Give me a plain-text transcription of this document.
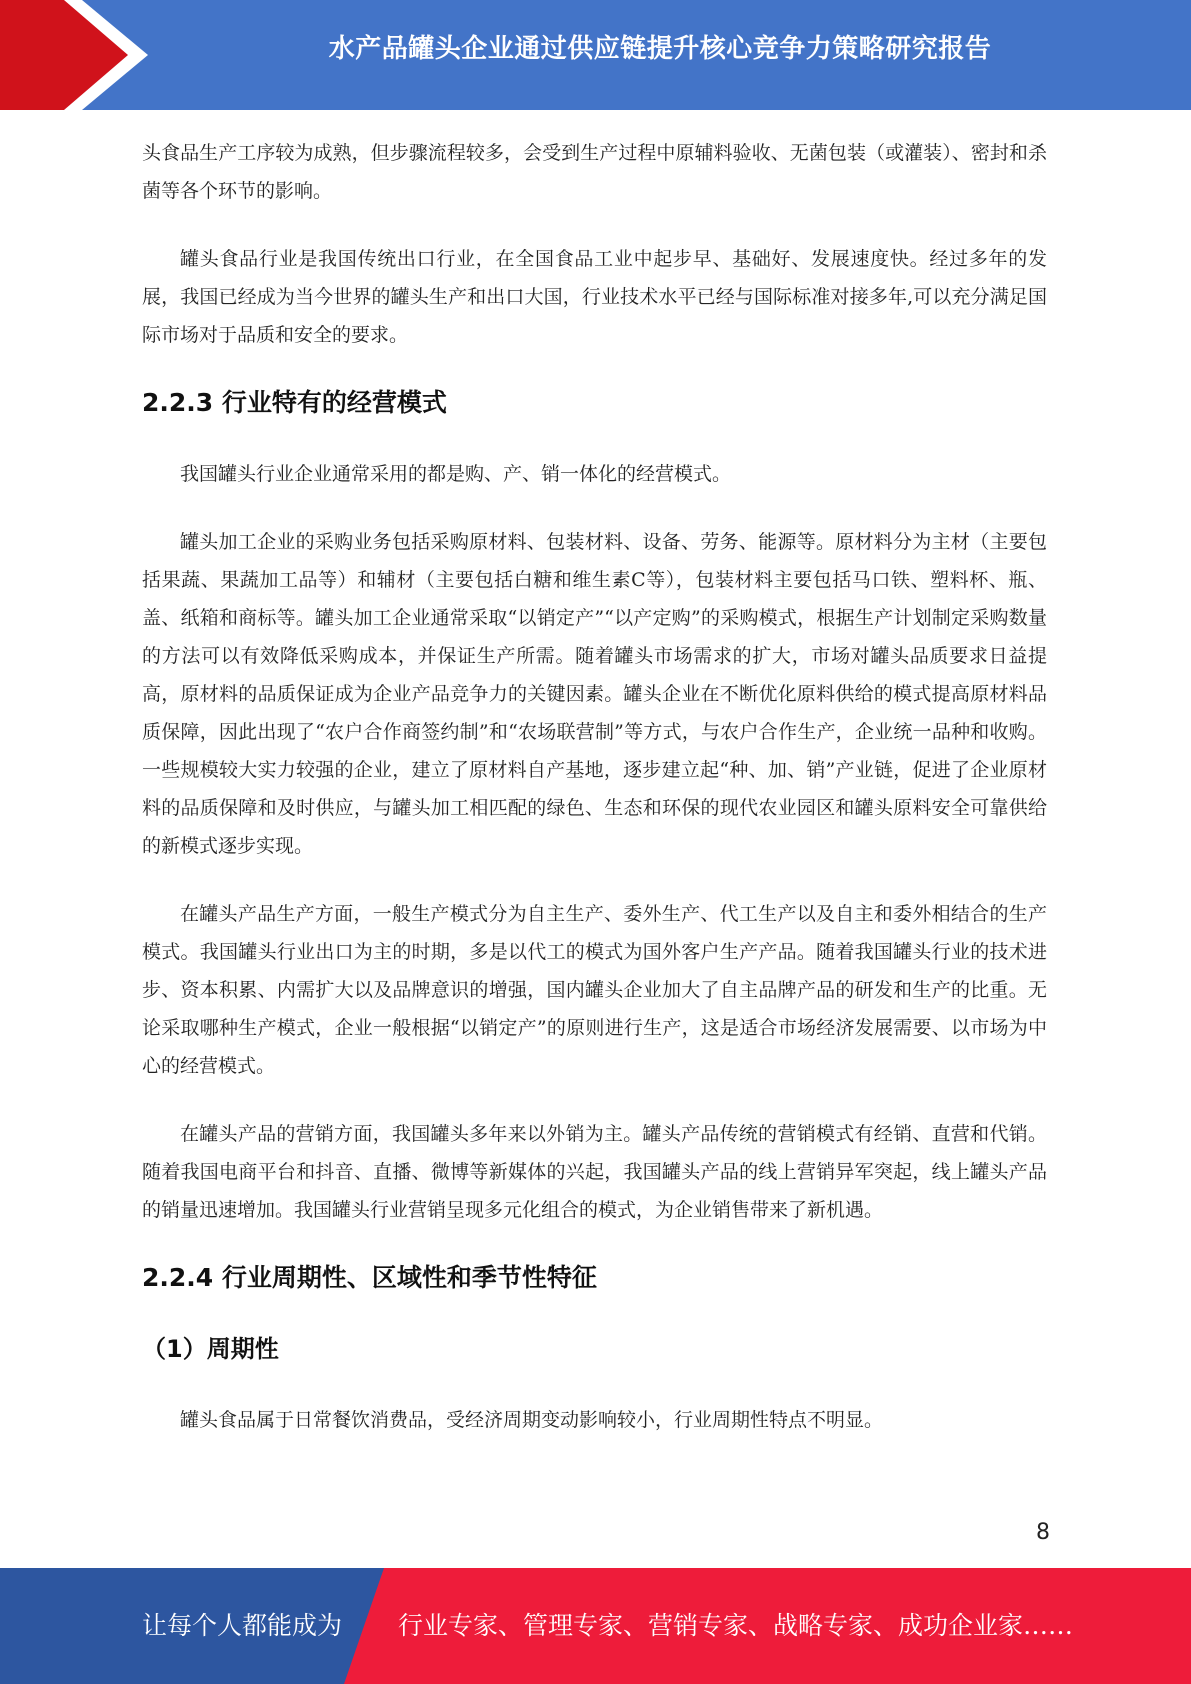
水产品罐头企业通过供应链提升核心竞争力策略研究报告

头食品生产工序较为成熟，但步骤流程较多，会受到生产过程中原辅料验收、无菌包装（或灌装）、密封和杀菌等各个环节的影响。

罐头食品行业是我国传统出口行业，在全国食品工业中起步早、基础好、发展速度快。经过多年的发展，我国已经成为当今世界的罐头生产和出口大国，行业技术水平已经与国际标准对接多年,可以充分满足国际市场对于品质和安全的要求。

2.2.3 行业特有的经营模式

我国罐头行业企业通常采用的都是购、产、销一体化的经营模式。

罐头加工企业的采购业务包括采购原材料、包装材料、设备、劳务、能源等。原材料分为主材（主要包括果蔬、果蔬加工品等）和辅材（主要包括白糖和维生素C等），包装材料主要包括马口铁、塑料杯、瓶、盖、纸箱和商标等。罐头加工企业通常采取“以销定产”“以产定购”的采购模式，根据生产计划制定采购数量的方法可以有效降低采购成本，并保证生产所需。随着罐头市场需求的扩大，市场对罐头品质要求日益提高，原材料的品质保证成为企业产品竞争力的关键因素。罐头企业在不断优化原料供给的模式提高原材料品质保障，因此出现了“农户合作商签约制”和“农场联营制”等方式，与农户合作生产，企业统一品种和收购。一些规模较大实力较强的企业，建立了原材料自产基地，逐步建立起“种、加、销”产业链，促进了企业原材料的品质保障和及时供应，与罐头加工相匹配的绿色、生态和环保的现代农业园区和罐头原料安全可靠供给的新模式逐步实现。

在罐头产品生产方面，一般生产模式分为自主生产、委外生产、代工生产以及自主和委外相结合的生产模式。我国罐头行业出口为主的时期，多是以代工的模式为国外客户生产产品。随着我国罐头行业的技术进步、资本积累、内需扩大以及品牌意识的增强，国内罐头企业加大了自主品牌产品的研发和生产的比重。无论采取哪种生产模式，企业一般根据“以销定产”的原则进行生产，这是适合市场经济发展需要、以市场为中心的经营模式。

在罐头产品的营销方面，我国罐头多年来以外销为主。罐头产品传统的营销模式有经销、直营和代销。随着我国电商平台和抖音、直播、微博等新媒体的兴起，我国罐头产品的线上营销异军突起，线上罐头产品的销量迅速增加。我国罐头行业营销呈现多元化组合的模式，为企业销售带来了新机遇。

2.2.4 行业周期性、区域性和季节性特征
（1）周期性

罐头食品属于日常餐饮消费品，受经济周期变动影响较小，行业周期性特点不明显。

8
让每个人都能成为 行业专家、管理专家、营销专家、战略专家、成功企业家……
